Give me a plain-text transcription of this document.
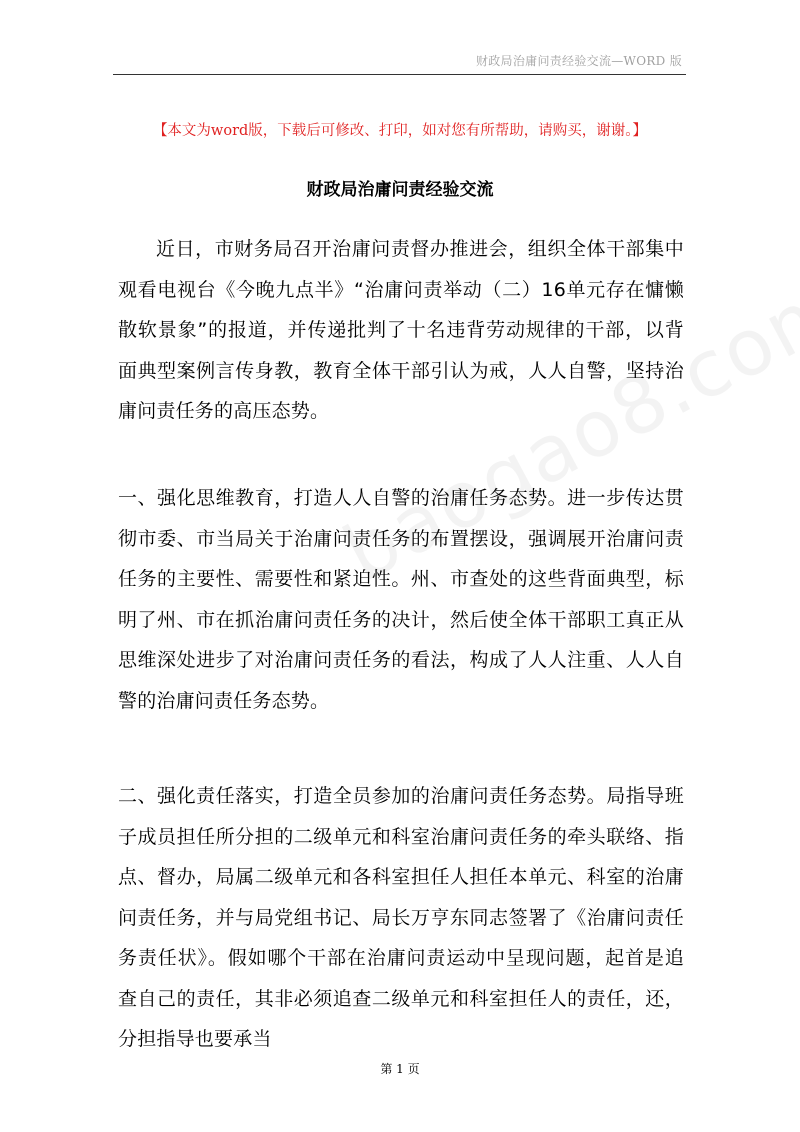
财政局治庸问责经验交流—WORD 版
【本文为word版，下载后可修改、打印，如对您有所帮助，请购买，谢谢。】
财政局治庸问责经验交流
近日，市财务局召开治庸问责督办推进会，组织全体干部集中观看电视台《今晚九点半》“治庸问责举动（二）16单元存在慵懒散软景象”的报道，并传递批判了十名违背劳动规律的干部，以背面典型案例言传身教，教育全体干部引认为戒，人人自警，坚持治庸问责任务的高压态势。
一、强化思维教育，打造人人自警的治庸任务态势。进一步传达贯彻市委、市当局关于治庸问责任务的布置摆设，强调展开治庸问责任务的主要性、需要性和紧迫性。州、市查处的这些背面典型，标明了州、市在抓治庸问责任务的决计，然后使全体干部职工真正从思维深处进步了对治庸问责任务的看法，构成了人人注重、人人自警的治庸问责任务态势。
二、强化责任落实，打造全员参加的治庸问责任务态势。局指导班子成员担任所分担的二级单元和科室治庸问责任务的牵头联络、指点、督办，局属二级单元和各科室担任人担任本单元、科室的治庸问责任务，并与局党组书记、局长万亨东同志签署了《治庸问责任务责任状》。假如哪个干部在治庸问责运动中呈现问题，起首是追查自己的责任，其非必须追查二级单元和科室担任人的责任，还，分担指导也要承当
第 1 页
